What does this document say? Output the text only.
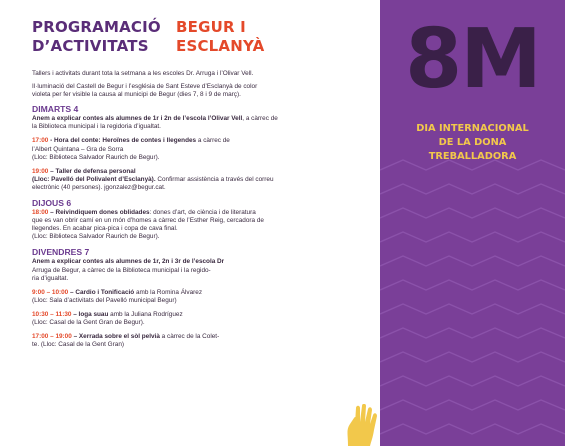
PROGRAMACIÓ
D’ACTIVITATS
BEGUR I
ESCLANYÀ
Tallers i activitats durant tota la setmana a les escoles Dr. Arruga i l’Olivar Vell.
Il·luminació del Castell de Begur i l’església de Sant Esteve d’Esclanyà de color
violeta per fer visible la causa al municipi de Begur (dies 7, 8 i 9 de març).
DIMARTS 4
Anem a explicar contes als alumnes de 1r i 2n de l’escola l’Olivar Vell, a càrrec de
la Biblioteca municipal i la regidoria d’igualtat.
17:00 - Hora del conte: Heroïnes de contes i llegendes a càrrec de
l’Albert Quintana – Gra de Sorra
(Lloc: Biblioteca Salvador Raurich de Begur).
19:00 – Taller de defensa personal
(Lloc: Pavelló del Polivalent d’Esclanyà). Confirmar assistència a través del correu
electrònic (40 persones). jgonzalez@begur.cat.
DIJOUS 6
18:00 – Reivindiquem dones oblidades: dones d’art, de ciència i de literatura
que es van obrir camí en un món d’homes a càrrec de l’Esther Reig, cercadora de
llegendes. En acabar pica-pica i copa de cava final.
(Lloc: Biblioteca Salvador Raurich de Begur).
DIVENDRES 7
Anem a explicar contes als alumnes de 1r, 2n i 3r de l’escola Dr
Arruga de Begur, a càrrec de la Biblioteca municipal i la regido-
ria d’igualtat.
9:00 – 10:00 – Cardio i Tonificació amb la Romina Álvarez
(Lloc: Sala d’activitats del Pavelló municipal Begur)
10:30 – 11:30 – Ioga suau amb la Juliana Rodríguez
(Lloc: Casal de la Gent Gran de Begur).
17:00 – 19:00 – Xerrada sobre el sòl pelvià a càrrec de la Colet-
te. (Lloc: Casal de la Gent Gran)
8M
DIA INTERNACIONAL
DE LA DONA
TREBALLADORA
